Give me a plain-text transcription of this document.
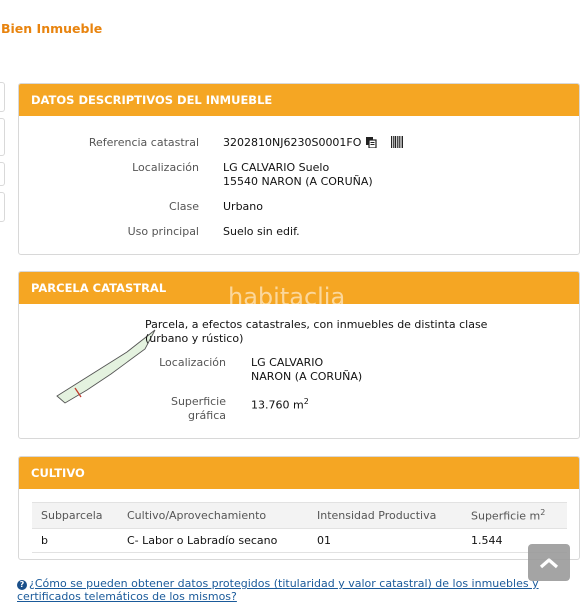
Bien Inmueble
DATOS DESCRIPTIVOS DEL INMUEBLE
Referencia catastral 3202810NJ6230S0001FO
Localización LG CALVARIO Suelo
15540 NARON (A CORUÑA)
Clase Urbano
Uso principal Suelo sin edif.
PARCELA CATASTRAL
Parcela, a efectos catastrales, con inmuebles de distinta clase (urbano y rústico)
Localización LG CALVARIO
NARON (A CORUÑA)
Superficie
gráfica
13.760 $m^2$
habitaclia
CULTIVO
Subparcela	Cultivo/Aprovechamiento	Intensidad Productiva	Superficie $m^2$
b	C- Labor o Labradío secano	01	1.544
? ¿Cómo se pueden obtener datos protegidos (titularidad y valor catastral) de los inmuebles y certificados telemáticos de los mismos?
